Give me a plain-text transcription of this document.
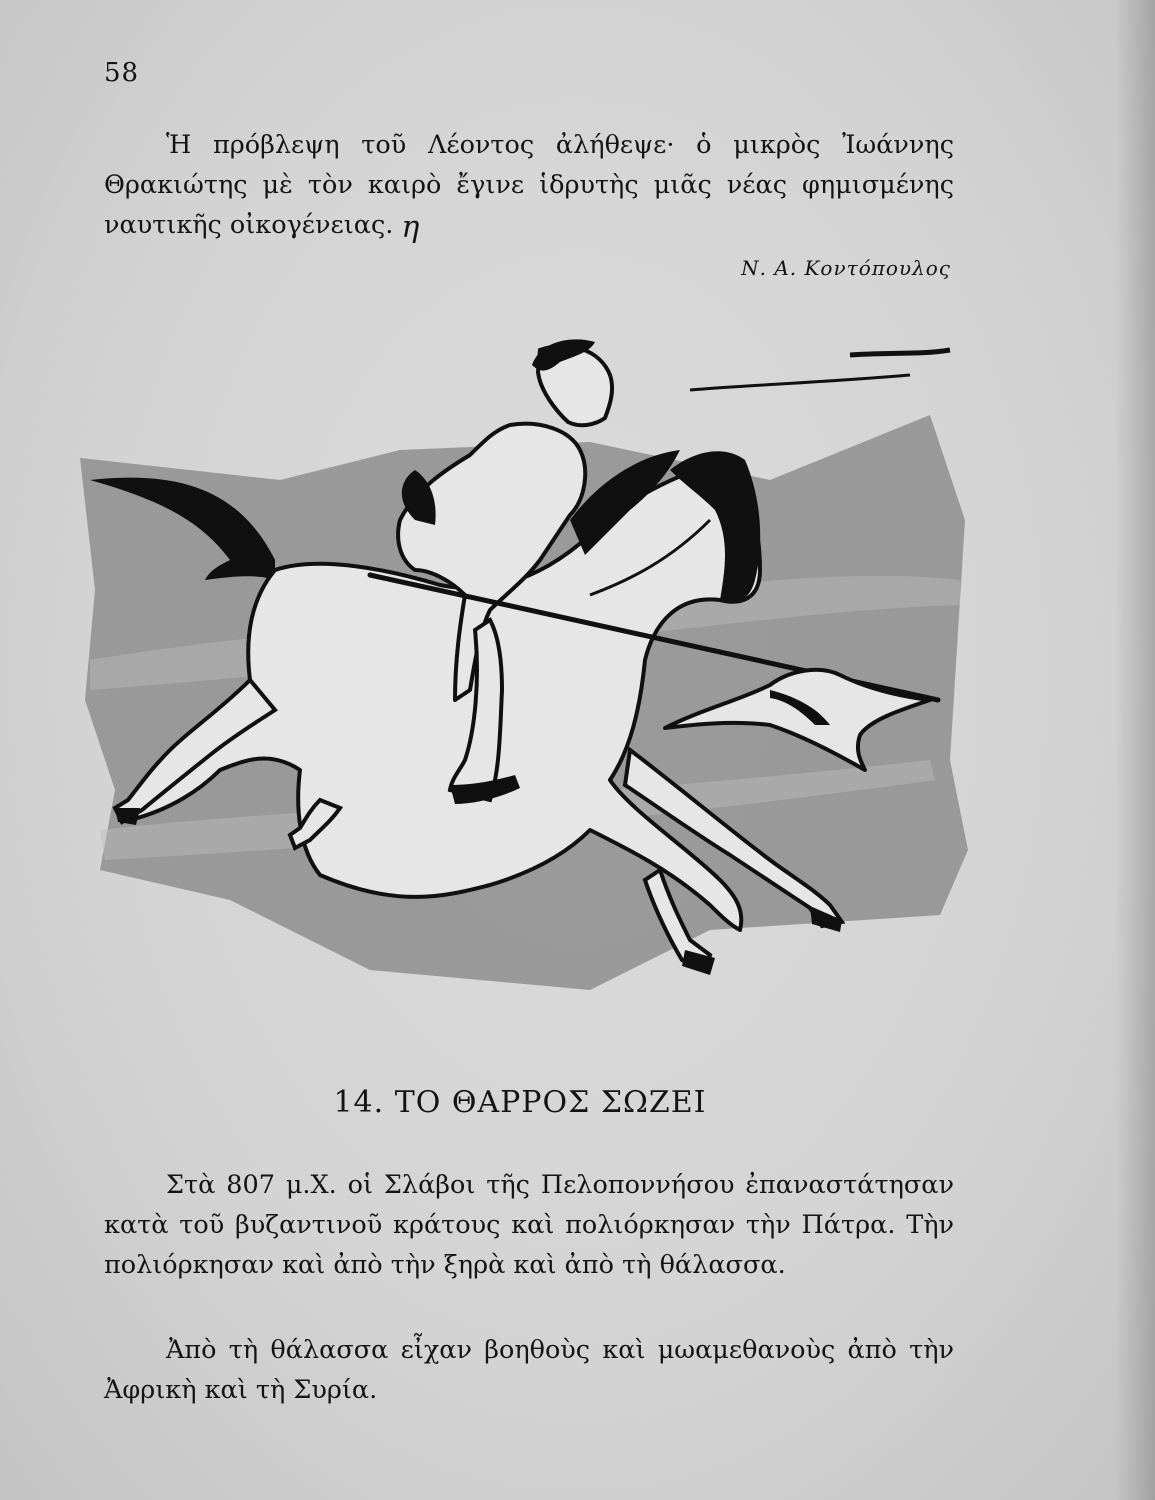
58
Ἡ πρόβλεψη τοῦ Λέοντος ἀλήθεψε· ὁ μικρὸς Ἰωάννης Θρακιώτης μὲ τὸν καιρὸ ἔγινε ἱδρυτὴς μιᾶς νέας φημισμένης ναυτικῆς οἰκογένειας. η
Ν. Α. Κοντόπουλος
14. ΤΟ ΘΑΡΡΟΣ ΣΩΖΕΙ
Στὰ 807 μ.Χ. οἱ Σλάβοι τῆς Πελοποννήσου ἐπαναστάτησαν κατὰ τοῦ βυζαντινοῦ κράτους καὶ πολιόρκησαν τὴν Πάτρα. Τὴν πολιόρκησαν καὶ ἀπὸ τὴν ξηρὰ καὶ ἀπὸ τὴ θάλασσα.
Ἀπὸ τὴ θάλασσα εἶχαν βοηθοὺς καὶ μωαμεθανοὺς ἀπὸ τὴν Ἀφρικὴ καὶ τὴ Συρία.
